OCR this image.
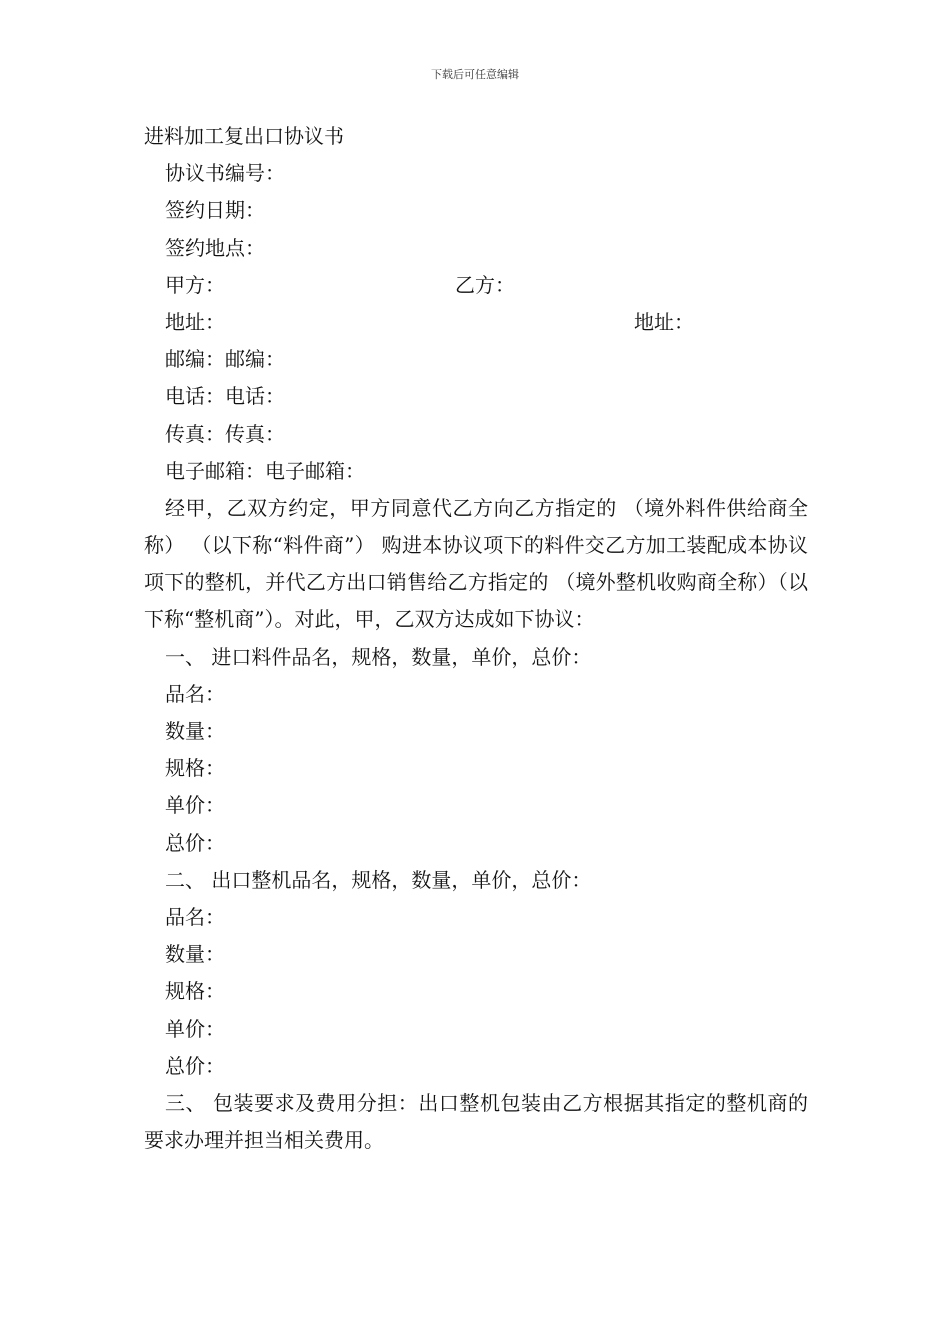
下载后可任意编辑
进料加工复出口协议书
协议书编号：
签约日期：
签约地点：
甲方：	乙方：
地址：	地址：
邮编：邮编：
电话：电话：
传真：传真：
电子邮箱：电子邮箱：
经甲，乙双方约定，甲方同意代乙方向乙方指定的 （境外料件供给商全称） （以下称“料件商”） 购进本协议项下的料件交乙方加工装配成本协议项下的整机，并代乙方出口销售给乙方指定的 （境外整机收购商全称）（以下称“整机商”）。对此，甲，乙双方达成如下协议：
一、 进口料件品名，规格，数量，单价，总价：
品名：
数量：
规格：
单价：
总价：
二、 出口整机品名，规格，数量，单价，总价：
品名：
数量：
规格：
单价：
总价：
三、 包装要求及费用分担：出口整机包装由乙方根据其指定的整机商的要求办理并担当相关费用。
